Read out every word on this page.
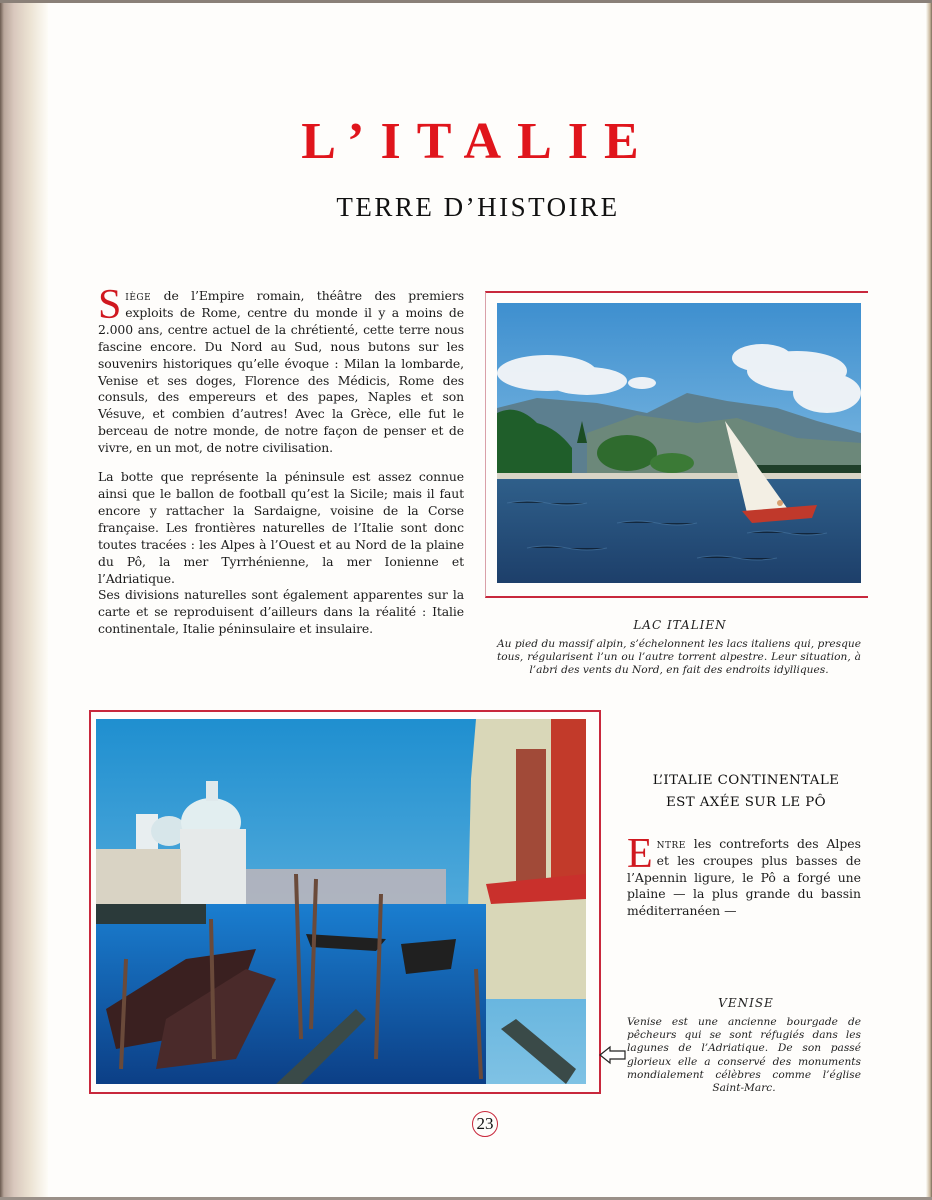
L’ITALIE
TERRE D’HISTOIRE

Siège de l’Empire romain, théâtre des premiers exploits de Rome, centre du monde il y a moins de 2.000 ans, centre actuel de la chrétienté, cette terre nous fascine encore. Du Nord au Sud, nous butons sur les souvenirs historiques qu’elle évoque : Milan la lombarde, Venise et ses doges, Florence des Médicis, Rome des consuls, des empereurs et des papes, Naples et son Vésuve, et combien d’autres! Avec la Grèce, elle fut le berceau de notre monde, de notre façon de penser et de vivre, en un mot, de notre civilisation.

La botte que représente la péninsule est assez connue ainsi que le ballon de football qu’est la Sicile; mais il faut encore y rattacher la Sardaigne, voisine de la Corse française. Les frontières naturelles de l’Italie sont donc toutes tracées : les Alpes à l’Ouest et au Nord de la plaine du Pô, la mer Tyrrhénienne, la mer Ionienne et l’Adriatique.

Ses divisions naturelles sont également apparentes sur la carte et se reproduisent d’ailleurs dans la réalité : Italie continentale, Italie péninsulaire et insulaire.	LAC ITALIEN
Au pied du massif alpin, s’échelonnent les lacs italiens qui, presque tous, régularisent l’un ou l’autre torrent alpestre. Leur situation, à l’abri des vents du Nord, en fait des endroits idylliques.
L’ITALIE CONTINENTALE
EST AXÉE SUR LE PÔ
Entre les contreforts des Alpes et les croupes plus basses de l’Apennin ligure, le Pô a forgé une plaine — la plus grande du bassin méditerranéen —
VENISE
Venise est une ancienne bourgade de pêcheurs qui se sont réfugiés dans les lagunes de l’Adriatique. De son passé glorieux elle a conservé des monuments mondialement célèbres comme l’église Saint-Marc.
23
